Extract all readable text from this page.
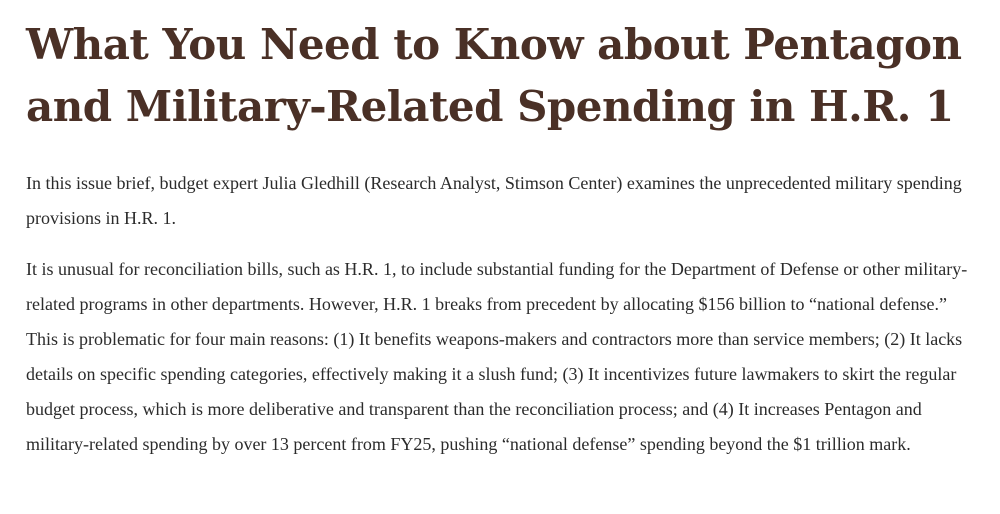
What You Need to Know about Pentagon and Military-Related Spending in H.R. 1

In this issue brief, budget expert Julia Gledhill (Research Analyst, Stimson Center) examines the unprecedented military spending provisions in H.R. 1.

It is unusual for reconciliation bills, such as H.R. 1, to include substantial funding for the Department of Defense or other military-related programs in other departments. However, H.R. 1 breaks from precedent by allocating $156 billion to “national defense.” This is problematic for four main reasons: (1) It benefits weapons-makers and contractors more than service members; (2) It lacks details on specific spending categories, effectively making it a slush fund; (3) It incentivizes future lawmakers to skirt the regular budget process, which is more deliberative and transparent than the reconciliation process; and (4) It increases Pentagon and military-related spending by over 13 percent from FY25, pushing “national defense” spending beyond the $1 trillion mark.
